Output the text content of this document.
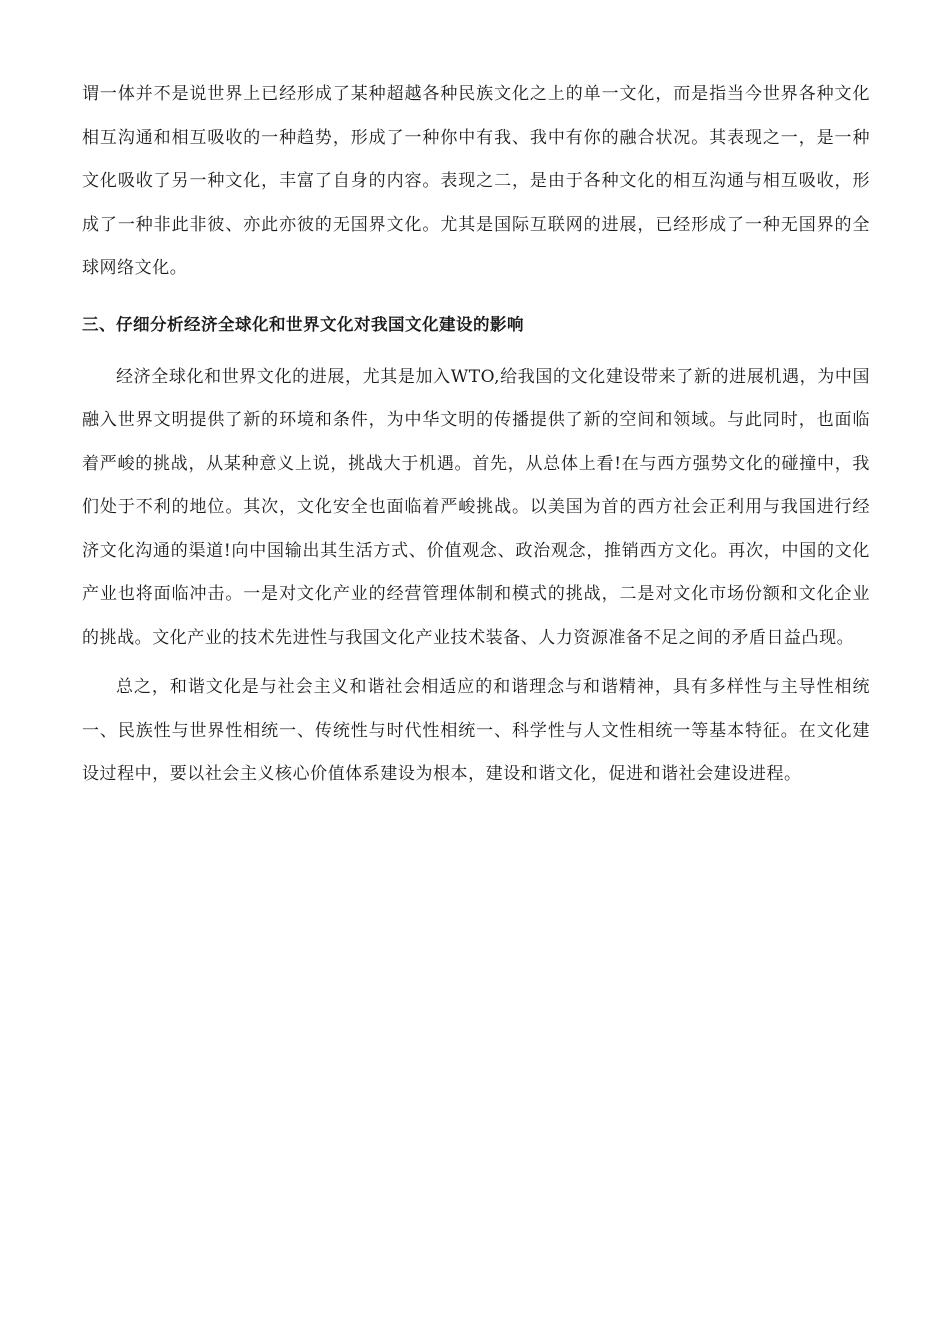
谓一体并不是说世界上已经形成了某种超越各种民族文化之上的单一文化，而是指当今世界各种文化相互沟通和相互吸收的一种趋势，形成了一种你中有我、我中有你的融合状况。其表现之一，是一种文化吸收了另一种文化，丰富了自身的内容。表现之二，是由于各种文化的相互沟通与相互吸收，形成了一种非此非彼、亦此亦彼的无国界文化。尤其是国际互联网的进展，已经形成了一种无国界的全球网络文化。

三、仔细分析经济全球化和世界文化对我国文化建设的影响

经济全球化和世界文化的进展，尤其是加入WTO,给我国的文化建设带来了新的进展机遇，为中国融入世界文明提供了新的环境和条件，为中华文明的传播提供了新的空间和领域。与此同时，也面临着严峻的挑战，从某种意义上说，挑战大于机遇。首先，从总体上看!在与西方强势文化的碰撞中，我们处于不利的地位。其次，文化安全也面临着严峻挑战。以美国为首的西方社会正利用与我国进行经济文化沟通的渠道!向中国输出其生活方式、价值观念、政治观念，推销西方文化。再次，中国的文化产业也将面临冲击。一是对文化产业的经营管理体制和模式的挑战，二是对文化市场份额和文化企业的挑战。文化产业的技术先进性与我国文化产业技术装备、人力资源准备不足之间的矛盾日益凸现。

总之，和谐文化是与社会主义和谐社会相适应的和谐理念与和谐精神，具有多样性与主导性相统一、民族性与世界性相统一、传统性与时代性相统一、科学性与人文性相统一等基本特征。在文化建设过程中，要以社会主义核心价值体系建设为根本，建设和谐文化，促进和谐社会建设进程。
